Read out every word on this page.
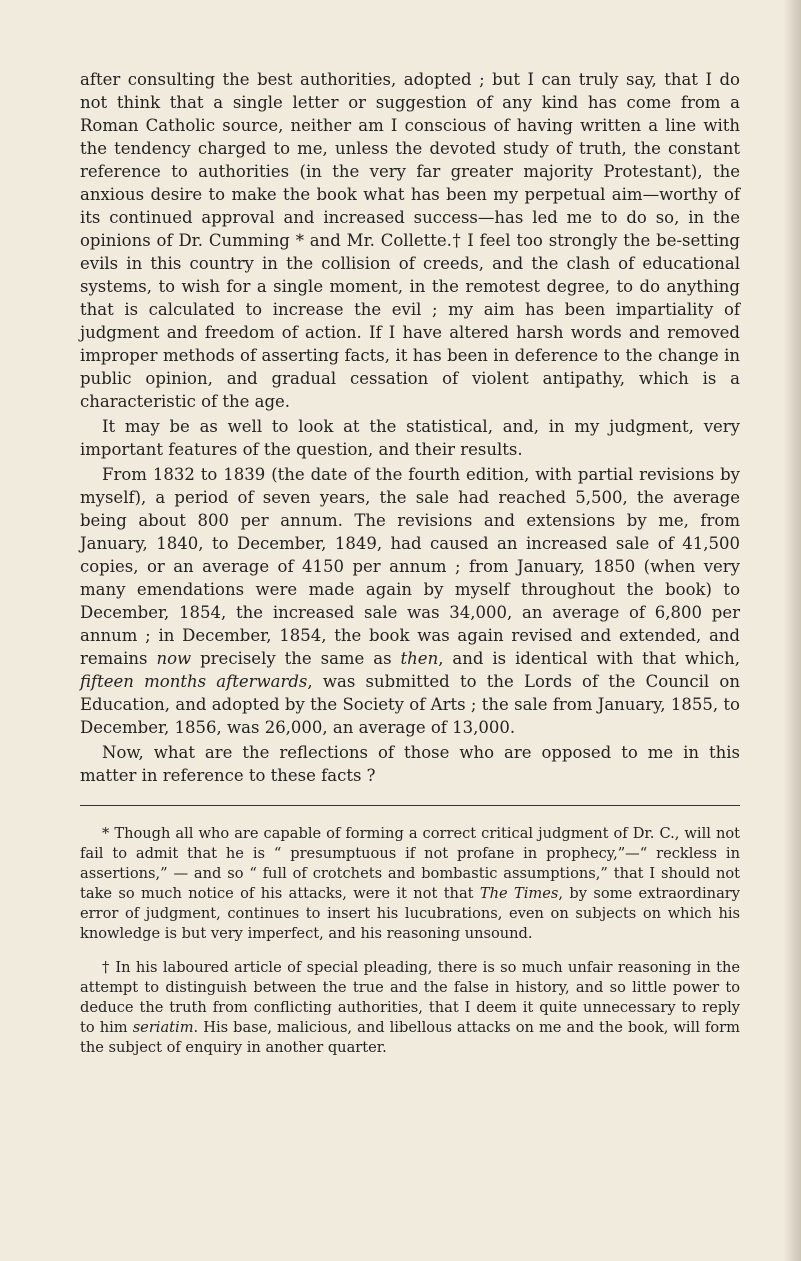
after consulting the best authorities, adopted ; but I can truly say, that I do not think that a single letter or suggestion of any kind has come from a Roman Catholic source, neither am I conscious of having written a line with the tendency charged to me, unless the devoted study of truth, the constant reference to authorities (in the very far greater majority Protestant), the anxious desire to make the book what has been my perpetual aim—worthy of its continued approval and increased success—has led me to do so, in the opinions of Dr. Cumming * and Mr. Collette.† I feel too strongly the be-setting evils in this country in the collision of creeds, and the clash of educational systems, to wish for a single moment, in the remotest degree, to do anything that is calculated to increase the evil ; my aim has been impartiality of judgment and freedom of action. If I have altered harsh words and removed improper methods of asserting facts, it has been in deference to the change in public opinion, and gradual cessation of violent antipathy, which is a characteristic of the age.

It may be as well to look at the statistical, and, in my judgment, very important features of the question, and their results.

From 1832 to 1839 (the date of the fourth edition, with partial revisions by myself), a period of seven years, the sale had reached 5,500, the average being about 800 per annum. The revisions and extensions by me, from January, 1840, to December, 1849, had caused an increased sale of 41,500 copies, or an average of 4150 per annum ; from January, 1850 (when very many emendations were made again by myself throughout the book) to December, 1854, the increased sale was 34,000, an average of 6,800 per annum ; in December, 1854, the book was again revised and extended, and remains now precisely the same as then, and is identical with that which, fifteen months afterwards, was submitted to the Lords of the Council on Education, and adopted by the Society of Arts ; the sale from January, 1855, to December, 1856, was 26,000, an average of 13,000.

Now, what are the reflections of those who are opposed to me in this matter in reference to these facts ?

* Though all who are capable of forming a correct critical judgment of Dr. C., will not fail to admit that he is “ presumptuous if not profane in prophecy,”—“ reckless in assertions,” — and so “ full of crotchets and bombastic assumptions,” that I should not take so much notice of his attacks, were it not that The Times, by some extraordinary error of judgment, continues to insert his lucubrations, even on subjects on which his knowledge is but very imperfect, and his reasoning unsound.

† In his laboured article of special pleading, there is so much unfair reasoning in the attempt to distinguish between the true and the false in history, and so little power to deduce the truth from conflicting authorities, that I deem it quite unnecessary to reply to him seriatim. His base, malicious, and libellous attacks on me and the book, will form the subject of enquiry in another quarter.
